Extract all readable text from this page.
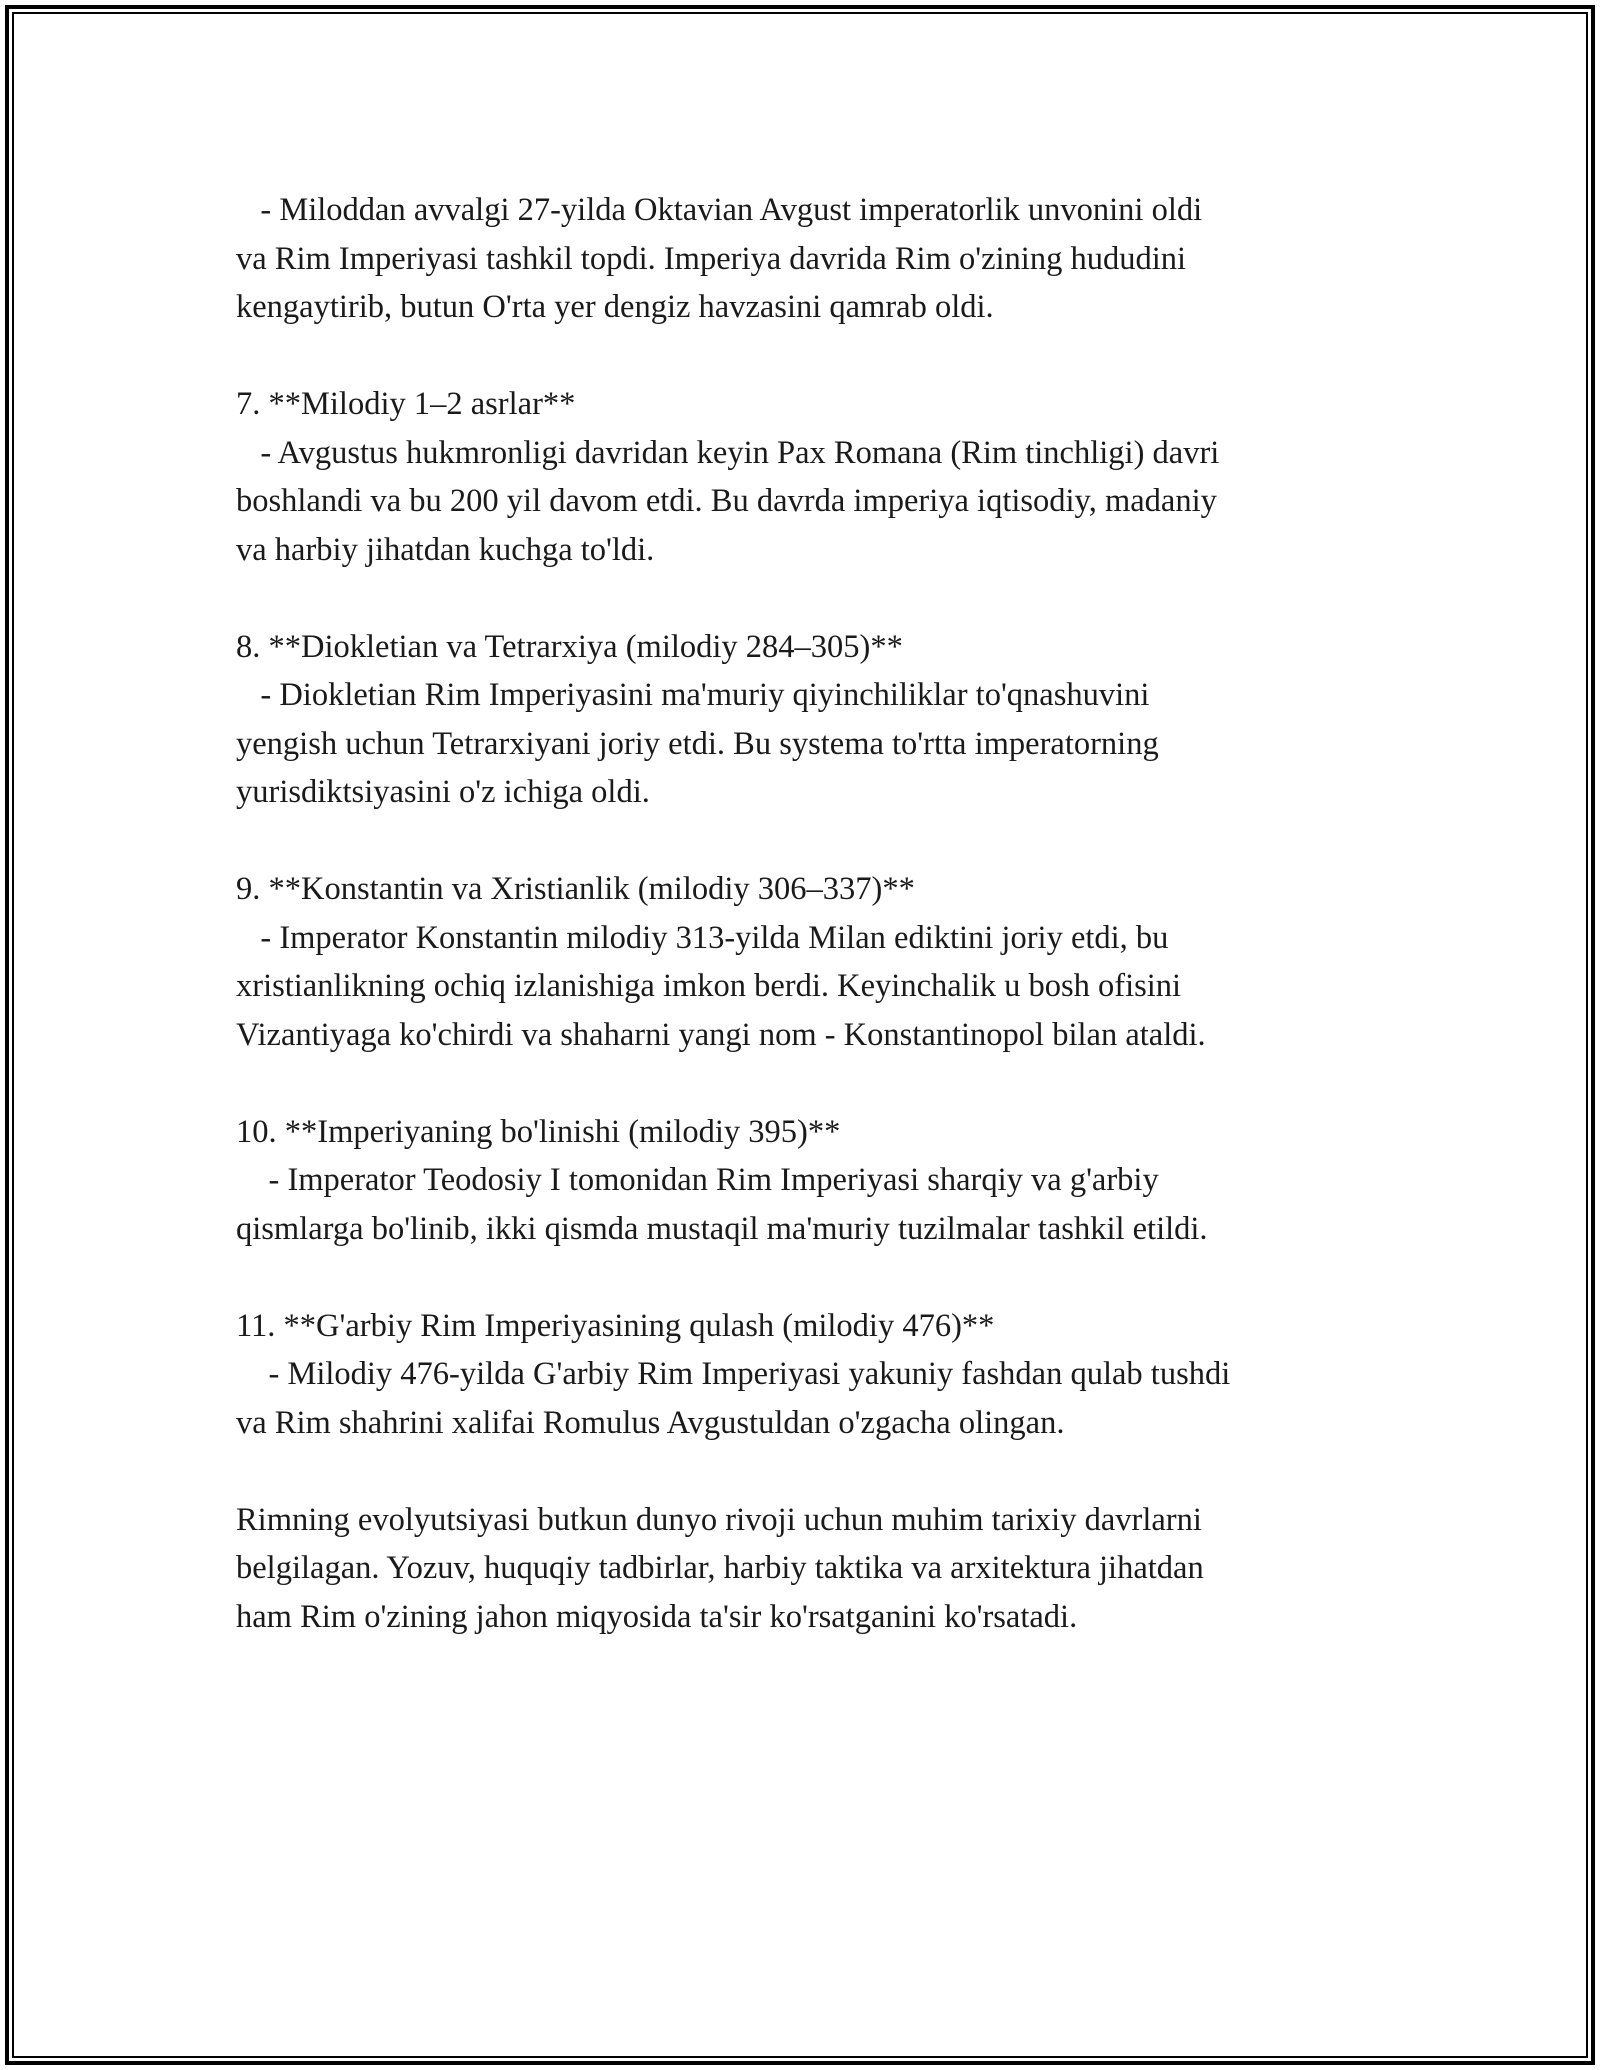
- Miloddan avvalgi 27-yilda Oktavian Avgust imperatorlik unvonini oldi
va Rim Imperiyasi tashkil topdi. Imperiya davrida Rim o'zining hududini
kengaytirib, butun O'rta yer dengiz havzasini qamrab oldi.
7. **Milodiy 1–2 asrlar**
- Avgustus hukmronligi davridan keyin Pax Romana (Rim tinchligi) davri
boshlandi va bu 200 yil davom etdi. Bu davrda imperiya iqtisodiy, madaniy
va harbiy jihatdan kuchga to'ldi.
8. **Diokletian va Tetrarxiya (milodiy 284–305)**
- Diokletian Rim Imperiyasini ma'muriy qiyinchiliklar to'qnashuvini
yengish uchun Tetrarxiyani joriy etdi. Bu systema to'rtta imperatorning
yurisdiktsiyasini o'z ichiga oldi.
9. **Konstantin va Xristianlik (milodiy 306–337)**
- Imperator Konstantin milodiy 313-yilda Milan ediktini joriy etdi, bu
xristianlikning ochiq izlanishiga imkon berdi. Keyinchalik u bosh ofisini
Vizantiyaga ko'chirdi va shaharni yangi nom - Konstantinopol bilan ataldi.
10. **Imperiyaning bo'linishi (milodiy 395)**
- Imperator Teodosiy I tomonidan Rim Imperiyasi sharqiy va g'arbiy
qismlarga bo'linib, ikki qismda mustaqil ma'muriy tuzilmalar tashkil etildi.
11. **G'arbiy Rim Imperiyasining qulash (milodiy 476)**
- Milodiy 476-yilda G'arbiy Rim Imperiyasi yakuniy fashdan qulab tushdi
va Rim shahrini xalifai Romulus Avgustuldan o'zgacha olingan.
Rimning evolyutsiyasi butkun dunyo rivoji uchun muhim tarixiy davrlarni
belgilagan. Yozuv, huquqiy tadbirlar, harbiy taktika va arxitektura jihatdan
ham Rim o'zining jahon miqyosida ta'sir ko'rsatganini ko'rsatadi.
